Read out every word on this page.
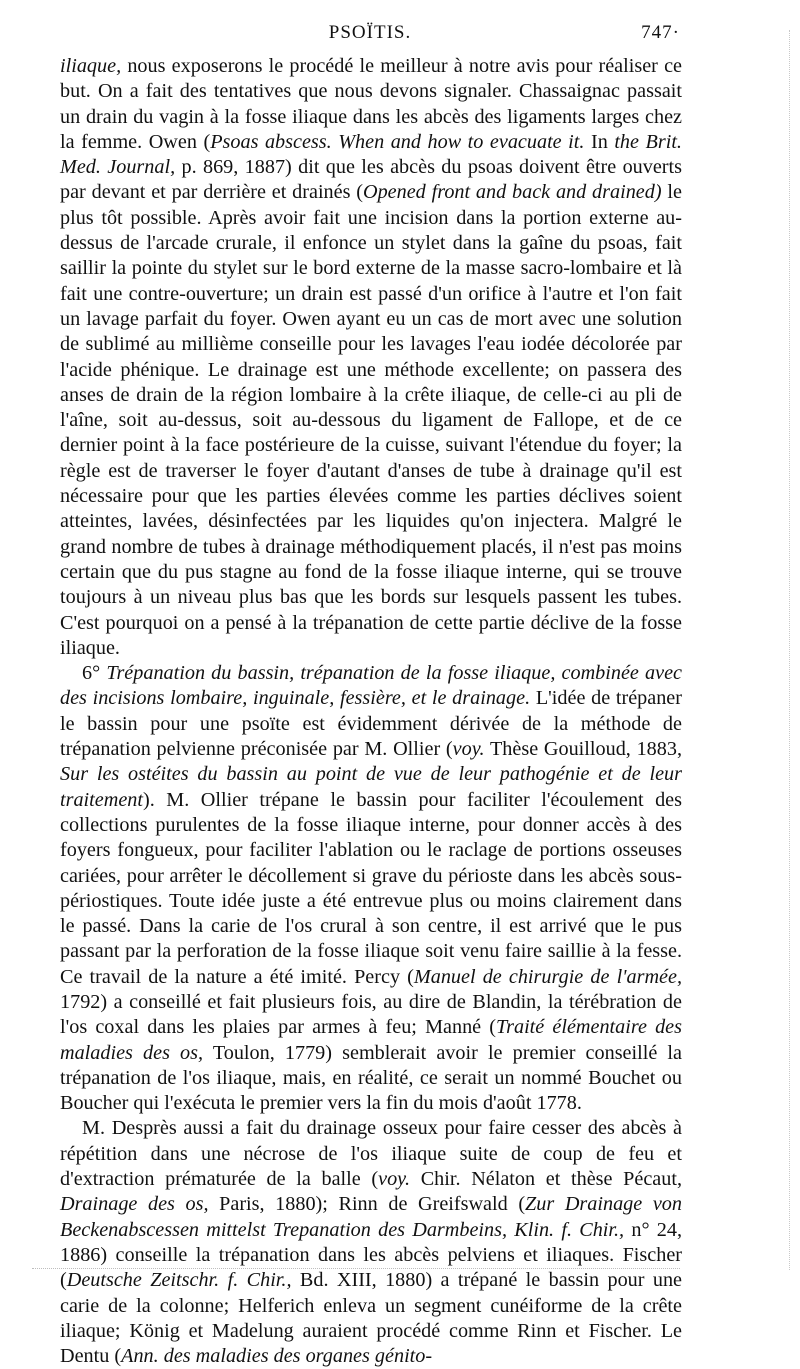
PSOÏTIS.	747·

iliaque, nous exposerons le procédé le meilleur à notre avis pour réaliser ce but. On a fait des tentatives que nous devons signaler. Chassaignac passait un drain du vagin à la fosse iliaque dans les abcès des ligaments larges chez la femme. Owen (Psoas abscess. When and how to evacuate it. In the Brit. Med. Journal, p. 869, 1887) dit que les abcès du psoas doivent être ouverts par devant et par derrière et drainés (Opened front and back and drained) le plus tôt possible. Après avoir fait une incision dans la portion externe au-dessus de l'arcade crurale, il enfonce un stylet dans la gaîne du psoas, fait saillir la pointe du stylet sur le bord externe de la masse sacro-lombaire et là fait une contre-ouverture; un drain est passé d'un orifice à l'autre et l'on fait un lavage parfait du foyer. Owen ayant eu un cas de mort avec une solution de sublimé au millième conseille pour les lavages l'eau iodée décolorée par l'acide phénique. Le drainage est une méthode excellente; on passera des anses de drain de la région lombaire à la crête iliaque, de celle-ci au pli de l'aîne, soit au-dessus, soit au-dessous du ligament de Fallope, et de ce dernier point à la face postérieure de la cuisse, suivant l'étendue du foyer; la règle est de traverser le foyer d'autant d'anses de tube à drainage qu'il est nécessaire pour que les parties élevées comme les parties déclives soient atteintes, lavées, désinfectées par les liquides qu'on injectera. Malgré le grand nombre de tubes à drainage méthodiquement placés, il n'est pas moins certain que du pus stagne au fond de la fosse iliaque interne, qui se trouve toujours à un niveau plus bas que les bords sur lesquels passent les tubes. C'est pourquoi on a pensé à la trépanation de cette partie déclive de la fosse iliaque.

6° Trépanation du bassin, trépanation de la fosse iliaque, combinée avec des incisions lombaire, inguinale, fessière, et le drainage. L'idée de trépaner le bassin pour une psoïte est évidemment dérivée de la méthode de trépanation pelvienne préconisée par M. Ollier (voy. Thèse Gouilloud, 1883, Sur les ostéites du bassin au point de vue de leur pathogénie et de leur traitement). M. Ollier trépane le bassin pour faciliter l'écoulement des collections purulentes de la fosse iliaque interne, pour donner accès à des foyers fongueux, pour faciliter l'ablation ou le raclage de portions osseuses cariées, pour arrêter le décollement si grave du périoste dans les abcès sous-périostiques. Toute idée juste a été entrevue plus ou moins clairement dans le passé. Dans la carie de l'os crural à son centre, il est arrivé que le pus passant par la perforation de la fosse iliaque soit venu faire saillie à la fesse. Ce travail de la nature a été imité. Percy (Manuel de chirurgie de l'armée, 1792) a conseillé et fait plusieurs fois, au dire de Blandin, la térébration de l'os coxal dans les plaies par armes à feu; Manné (Traité élémentaire des maladies des os, Toulon, 1779) semblerait avoir le premier conseillé la trépanation de l'os iliaque, mais, en réalité, ce serait un nommé Bouchet ou Boucher qui l'exécuta le premier vers la fin du mois d'août 1778.

M. Desprès aussi a fait du drainage osseux pour faire cesser des abcès à répétition dans une nécrose de l'os iliaque suite de coup de feu et d'extraction prématurée de la balle (voy. Chir. Nélaton et thèse Pécaut, Drainage des os, Paris, 1880); Rinn de Greifswald (Zur Drainage von Beckenabscessen mittelst Trepanation des Darmbeins, Klin. f. Chir., n° 24, 1886) conseille la trépanation dans les abcès pelviens et iliaques. Fischer (Deutsche Zeitschr. f. Chir., Bd. XIII, 1880) a trépané le bassin pour une carie de la colonne; Helferich enleva un segment cunéiforme de la crête iliaque; König et Madelung auraient procédé comme Rinn et Fischer. Le Dentu (Ann. des maladies des organes génito-
